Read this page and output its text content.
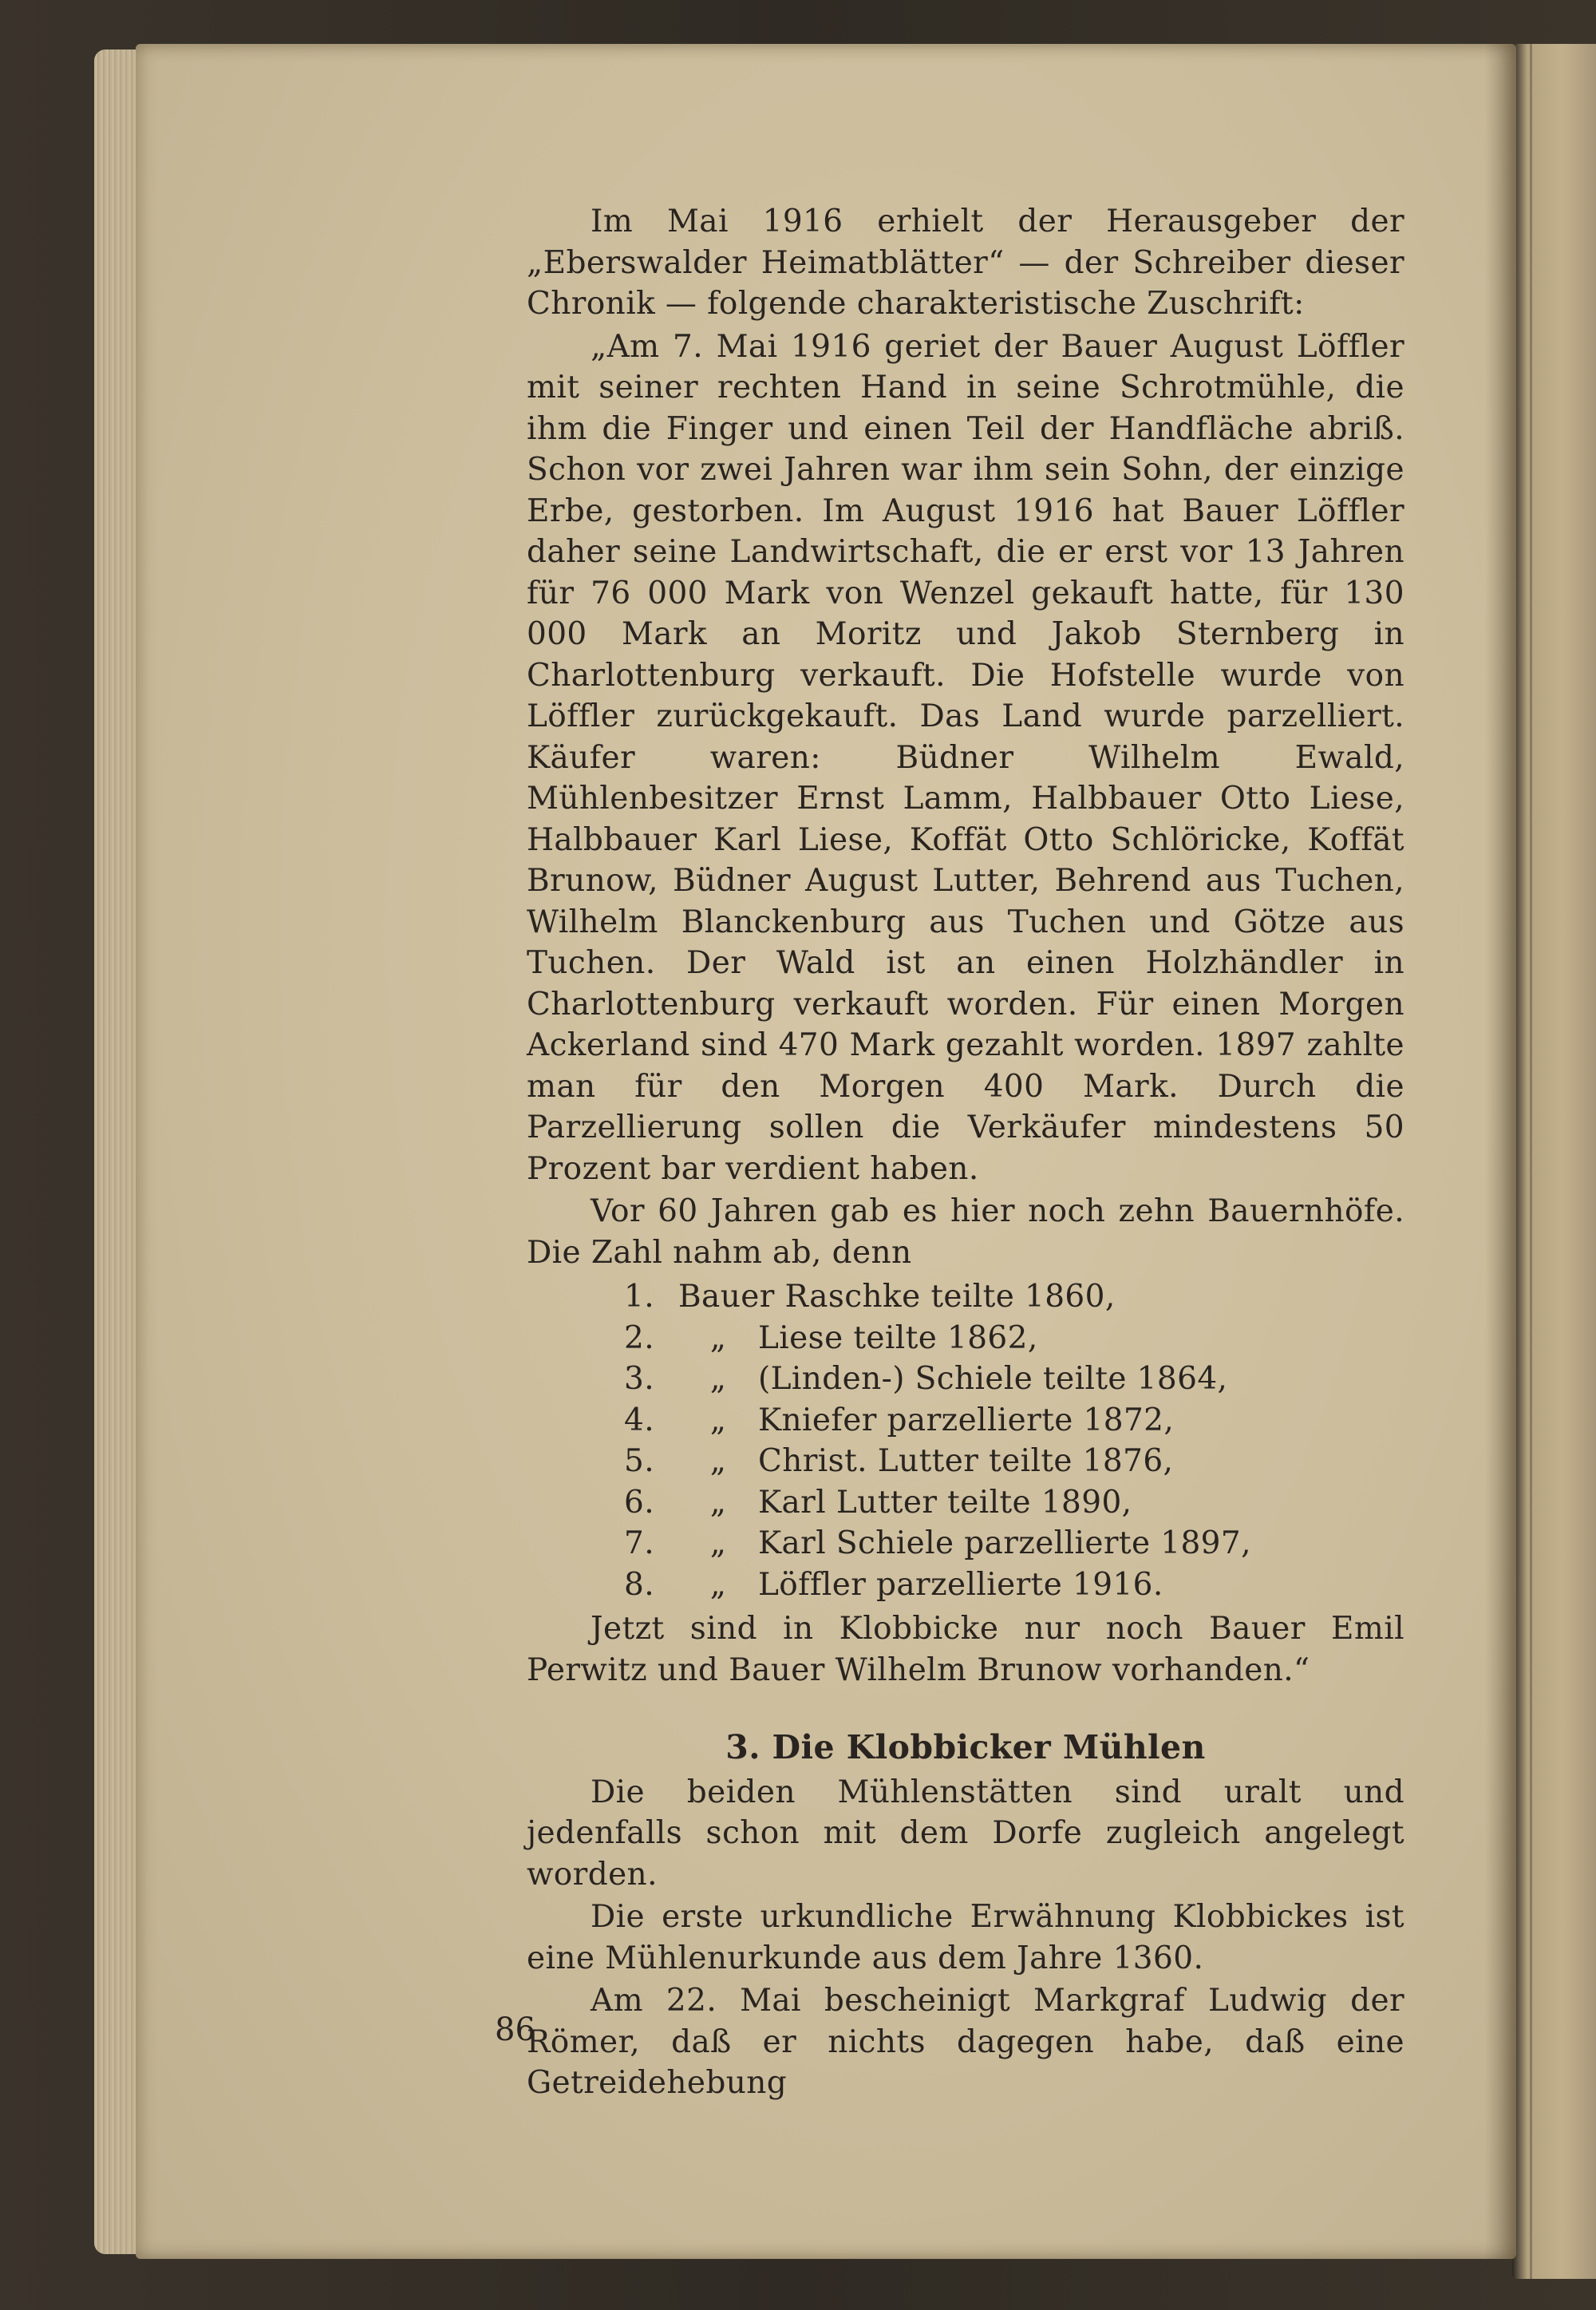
Im Mai 1916 erhielt der Herausgeber der „Eberswalder Heimatblätter“ — der Schreiber dieser Chronik — folgende charakteristische Zuschrift:

„Am 7. Mai 1916 geriet der Bauer August Löffler mit seiner rechten Hand in seine Schrotmühle, die ihm die Finger und einen Teil der Handfläche abriß. Schon vor zwei Jahren war ihm sein Sohn, der einzige Erbe, gestorben. Im August 1916 hat Bauer Löffler daher seine Landwirtschaft, die er erst vor 13 Jahren für 76 000 Mark von Wenzel gekauft hatte, für 130 000 Mark an Moritz und Jakob Sternberg in Charlottenburg verkauft. Die Hofstelle wurde von Löffler zurückgekauft. Das Land wurde parzelliert. Käufer waren: Büdner Wilhelm Ewald, Mühlenbesitzer Ernst Lamm, Halbbauer Otto Liese, Halbbauer Karl Liese, Koffät Otto Schlöricke, Koffät Brunow, Büdner August Lutter, Behrend aus Tuchen, Wilhelm Blanckenburg aus Tuchen und Götze aus Tuchen. Der Wald ist an einen Holzhändler in Charlottenburg verkauft worden. Für einen Morgen Ackerland sind 470 Mark gezahlt worden. 1897 zahlte man für den Morgen 400 Mark. Durch die Parzellierung sollen die Verkäufer mindestens 50 Prozent bar verdient haben.

Vor 60 Jahren gab es hier noch zehn Bauernhöfe. Die Zahl nahm ab, denn

1. Bauer Raschke teilte 1860,
2.	„	Liese teilte 1862,
3.	„	(Linden-) Schiele teilte 1864,
4.	„	Kniefer parzellierte 1872,
5.	„	Christ. Lutter teilte 1876,
6.	„	Karl Lutter teilte 1890,
7.	„	Karl Schiele parzellierte 1897,
8.	„	Löffler parzellierte 1916.

Jetzt sind in Klobbicke nur noch Bauer Emil Perwitz und Bauer Wilhelm Brunow vorhanden.“

3. Die Klobbicker Mühlen

Die beiden Mühlenstätten sind uralt und jedenfalls schon mit dem Dorfe zugleich angelegt worden.

Die erste urkundliche Erwähnung Klobbickes ist eine Mühlenurkunde aus dem Jahre 1360.

Am 22. Mai bescheinigt Markgraf Ludwig der Römer, daß er nichts dagegen habe, daß eine Getreidehebung

86
